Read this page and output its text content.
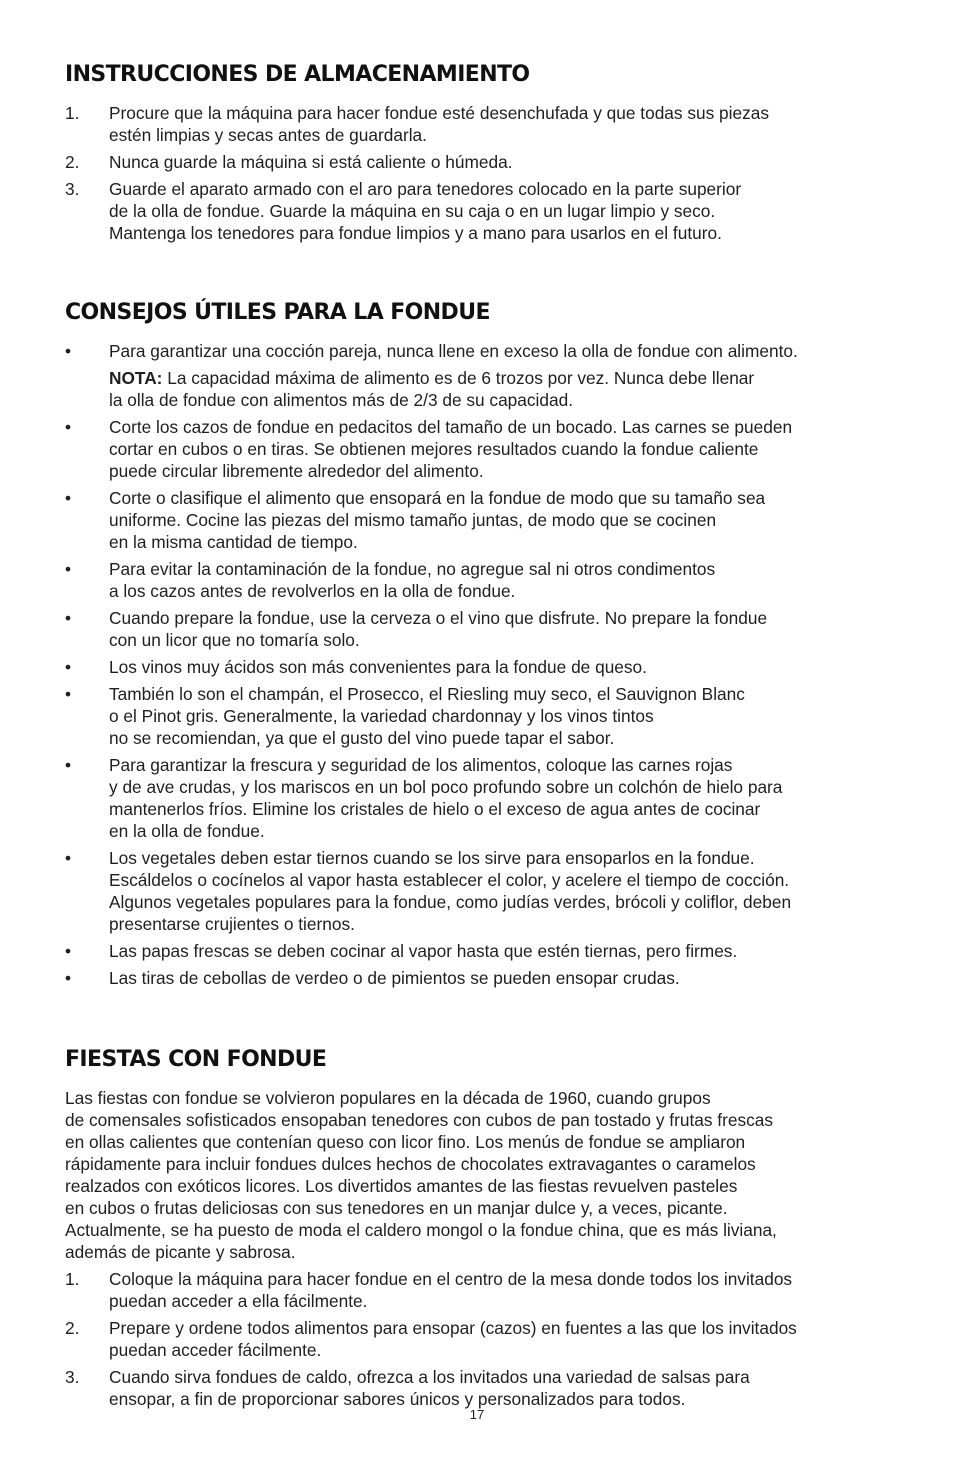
INSTRUCCIONES DE ALMACENAMIENTO
1.	Procure que la máquina para hacer fondue esté desenchufada y que todas sus piezas
estén limpias y secas antes de guardarla.
2.	Nunca guarde la máquina si está caliente o húmeda.
3.	Guarde el aparato armado con el aro para tenedores colocado en la parte superior
de la olla de fondue. Guarde la máquina en su caja o en un lugar limpio y seco.
Mantenga los tenedores para fondue limpios y a mano para usarlos en el futuro.
CONSEJOS ÚTILES PARA LA FONDUE
•	Para garantizar una cocción pareja, nunca llene en exceso la olla de fondue con alimento.
NOTA: La capacidad máxima de alimento es de 6 trozos por vez. Nunca debe llenar
la olla de fondue con alimentos más de 2/3 de su capacidad.
•	Corte los cazos de fondue en pedacitos del tamaño de un bocado. Las carnes se pueden
cortar en cubos o en tiras. Se obtienen mejores resultados cuando la fondue caliente
puede circular libremente alrededor del alimento.
•	Corte o clasifique el alimento que ensopará en la fondue de modo que su tamaño sea
uniforme. Cocine las piezas del mismo tamaño juntas, de modo que se cocinen
en la misma cantidad de tiempo.
•	Para evitar la contaminación de la fondue, no agregue sal ni otros condimentos
a los cazos antes de revolverlos en la olla de fondue.
•	Cuando prepare la fondue, use la cerveza o el vino que disfrute. No prepare la fondue
con un licor que no tomaría solo.
•	Los vinos muy ácidos son más convenientes para la fondue de queso.
•	También lo son el champán, el Prosecco, el Riesling muy seco, el Sauvignon Blanc
o el Pinot gris. Generalmente, la variedad chardonnay y los vinos tintos
no se recomiendan, ya que el gusto del vino puede tapar el sabor.
•	Para garantizar la frescura y seguridad de los alimentos, coloque las carnes rojas
y de ave crudas, y los mariscos en un bol poco profundo sobre un colchón de hielo para
mantenerlos fríos. Elimine los cristales de hielo o el exceso de agua antes de cocinar
en la olla de fondue.
•	Los vegetales deben estar tiernos cuando se los sirve para ensoparlos en la fondue.
Escáldelos o cocínelos al vapor hasta establecer el color, y acelere el tiempo de cocción.
Algunos vegetales populares para la fondue, como judías verdes, brócoli y coliflor, deben
presentarse crujientes o tiernos.
•	Las papas frescas se deben cocinar al vapor hasta que estén tiernas, pero firmes.
•	Las tiras de cebollas de verdeo o de pimientos se pueden ensopar crudas.
FIESTAS CON FONDUE
Las fiestas con fondue se volvieron populares en la década de 1960, cuando grupos
de comensales sofisticados ensopaban tenedores con cubos de pan tostado y frutas frescas
en ollas calientes que contenían queso con licor fino. Los menús de fondue se ampliaron
rápidamente para incluir fondues dulces hechos de chocolates extravagantes o caramelos
realzados con exóticos licores. Los divertidos amantes de las fiestas revuelven pasteles
en cubos o frutas deliciosas con sus tenedores en un manjar dulce y, a veces, picante.
Actualmente, se ha puesto de moda el caldero mongol o la fondue china, que es más liviana,
además de picante y sabrosa.
1.	Coloque la máquina para hacer fondue en el centro de la mesa donde todos los invitados
puedan acceder a ella fácilmente.
2.	Prepare y ordene todos alimentos para ensopar (cazos) en fuentes a las que los invitados
puedan acceder fácilmente.
3.	Cuando sirva fondues de caldo, ofrezca a los invitados una variedad de salsas para
ensopar, a fin de proporcionar sabores únicos y personalizados para todos.
17
